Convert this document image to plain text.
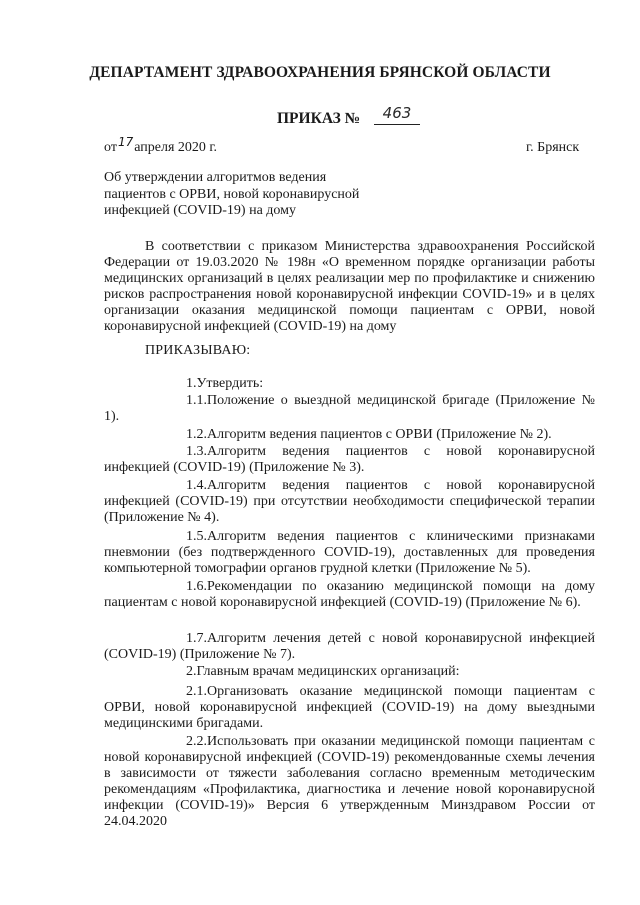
ДЕПАРТАМЕНТ ЗДРАВООХРАНЕНИЯ БРЯНСКОЙ ОБЛАСТИ
ПРИКАЗ №	463
от17апреля 2020 г.	г. Брянск
Об утверждении алгоритмов ведения
пациентов с ОРВИ, новой коронавирусной
инфекцией (COVID-19) на дому

В соответствии с приказом Министерства здравоохранения Российской Федерации от 19.03.2020 № 198н «О временном порядке организации работы медицинских организаций в целях реализации мер по профилактике и снижению рисков распространения новой коронавирусной инфекции COVID-19» и в целях организации оказания медицинской помощи пациентам с ОРВИ, новой коронавирусной инфекцией (COVID-19) на дому

ПРИКАЗЫВАЮ:

1.Утвердить:

1.1.Положение о выездной медицинской бригаде (Приложение № 1).

1.2.Алгоритм ведения пациентов с ОРВИ (Приложение № 2).

1.3.Алгоритм ведения пациентов с новой коронавирусной инфекцией (COVID-19) (Приложение № 3).

1.4.Алгоритм ведения пациентов с новой коронавирусной инфекцией (COVID-19) при отсутствии необходимости специфической терапии (Приложение № 4).

1.5.Алгоритм ведения пациентов с клиническими признаками пневмонии (без подтвержденного COVID-19), доставленных для проведения компьютерной томографии органов грудной клетки (Приложение № 5).

1.6.Рекомендации по оказанию медицинской помощи на дому пациентам с новой коронавирусной инфекцией (COVID-19) (Приложение № 6).

1.7.Алгоритм лечения детей с новой коронавирусной инфекцией (COVID-19) (Приложение № 7).

2.Главным врачам медицинских организаций:

2.1.Организовать оказание медицинской помощи пациентам с ОРВИ, новой коронавирусной инфекцией (COVID-19) на дому выездными медицинскими бригадами.

2.2.Использовать при оказании медицинской помощи пациентам с новой коронавирусной инфекцией (COVID-19) рекомендованные схемы лечения в зависимости от тяжести заболевания согласно временным методическим рекомендациям «Профилактика, диагностика и лечение новой коронавирусной инфекции (COVID-19)» Версия 6 утвержденным Минздравом России от 24.04.2020
